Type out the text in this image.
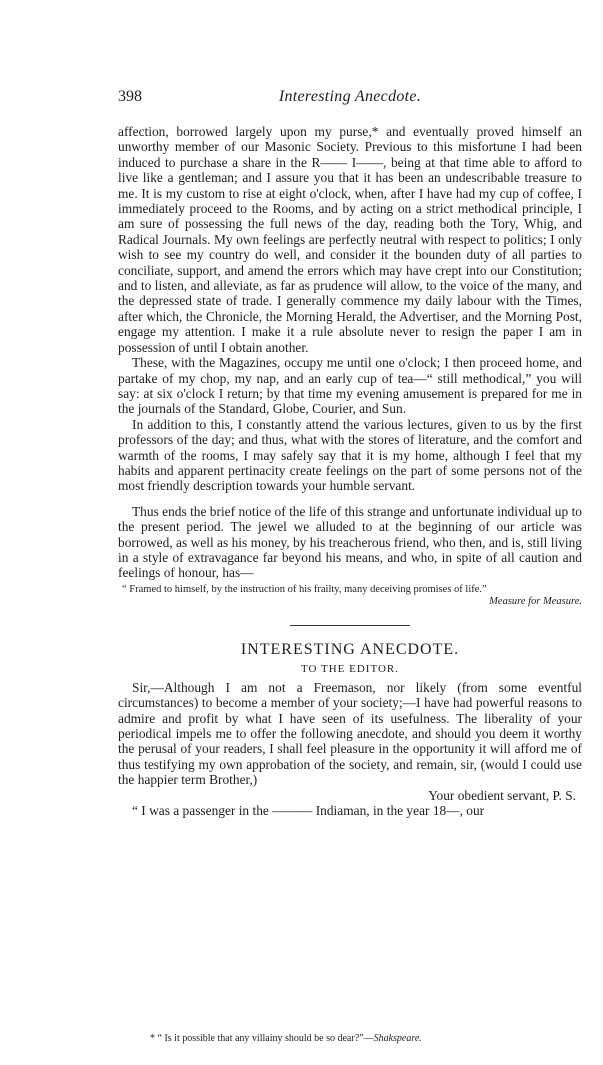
398	Interesting Anecdote.

affection, borrowed largely upon my purse,* and eventually proved himself an unworthy member of our Masonic Society. Previous to this misfortune I had been induced to purchase a share in the R—— I——, being at that time able to afford to live like a gentleman; and I assure you that it has been an undescribable treasure to me. It is my custom to rise at eight o'clock, when, after I have had my cup of coffee, I immediately proceed to the Rooms, and by acting on a strict methodical principle, I am sure of possessing the full news of the day, reading both the Tory, Whig, and Radical Journals. My own feelings are perfectly neutral with respect to politics; I only wish to see my country do well, and consider it the bounden duty of all parties to conciliate, support, and amend the errors which may have crept into our Constitution; and to listen, and alleviate, as far as prudence will allow, to the voice of the many, and the depressed state of trade. I generally commence my daily labour with the Times, after which, the Chronicle, the Morning Herald, the Advertiser, and the Morning Post, engage my attention. I make it a rule absolute never to resign the paper I am in possession of until I obtain another.

These, with the Magazines, occupy me until one o'clock; I then proceed home, and partake of my chop, my nap, and an early cup of tea—“ still methodical,” you will say: at six o'clock I return; by that time my evening amusement is prepared for me in the journals of the Standard, Globe, Courier, and Sun.

In addition to this, I constantly attend the various lectures, given to us by the first professors of the day; and thus, what with the stores of literature, and the comfort and warmth of the rooms, I may safely say that it is my home, although I feel that my habits and apparent pertinacity create feelings on the part of some persons not of the most friendly description towards your humble servant.

Thus ends the brief notice of the life of this strange and unfortunate individual up to the present period. The jewel we alluded to at the beginning of our article was borrowed, as well as his money, by his treacherous friend, who then, and is, still living in a style of extravagance far beyond his means, and who, in spite of all caution and feelings of honour, has—

“ Framed to himself, by the instruction of his frailty, many deceiving promises of life.”

Measure for Measure.

INTERESTING ANECDOTE.
TO THE EDITOR.

Sir,—Although I am not a Freemason, nor likely (from some eventful circumstances) to become a member of your society;—I have had powerful reasons to admire and profit by what I have seen of its usefulness. The liberality of your periodical impels me to offer the following anecdote, and should you deem it worthy the perusal of your readers, I shall feel pleasure in the opportunity it will afford me of thus testifying my own approbation of the society, and remain, sir, (would I could use the happier term Brother,)

Your obedient servant, P. S.

“ I was a passenger in the ——— Indiaman, in the year 18—, our

* “ Is it possible that any villainy should be so dear?”—Shakspeare.
